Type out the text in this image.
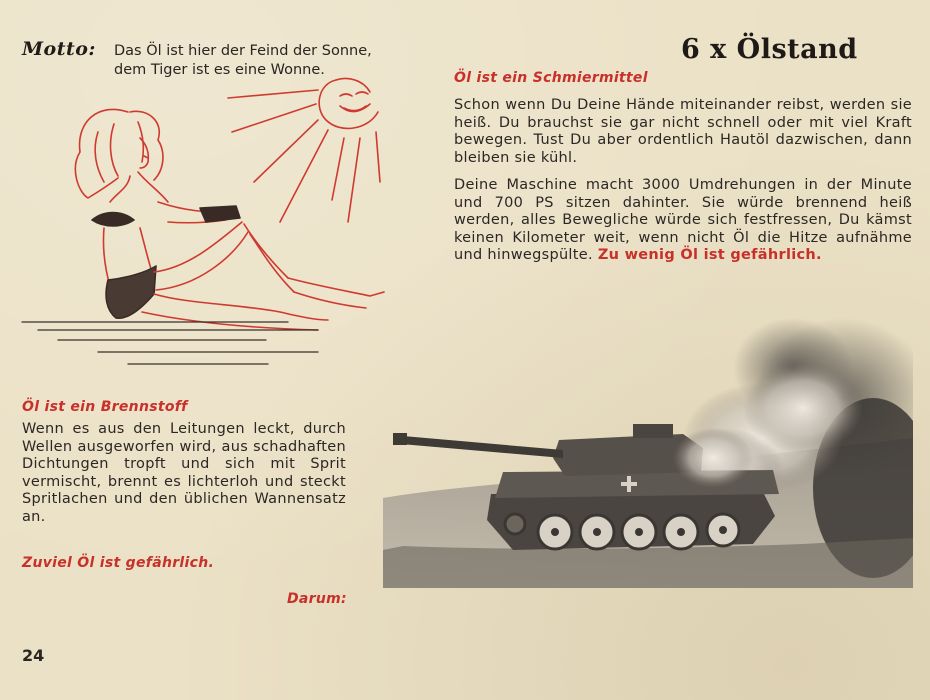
Motto: Das Öl ist hier der Feind der Sonne,
dem Tiger ist es eine Wonne.
6 x Ölstand
Öl ist ein Schmiermittel
Schon wenn Du Deine Hände miteinander reibst, werden sie heiß. Du brauchst sie gar nicht schnell oder mit viel Kraft bewegen. Tust Du aber ordentlich Hautöl dazwischen, dann bleiben sie kühl.
Deine Maschine macht 3000 Umdrehungen in der Minute und 700 PS sitzen dahinter. Sie würde brennend heiß werden, alles Bewegliche würde sich festfressen, Du kämst keinen Kilometer weit, wenn nicht Öl die Hitze aufnähme und hinwegspülte. Zu wenig Öl ist gefährlich.
Öl ist ein Brennstoff
Wenn es aus den Leitungen leckt, durch Wellen ausgeworfen wird, aus schadhaften Dichtungen tropft und sich mit Sprit vermischt, brennt es lichterloh und steckt Spritlachen und den üblichen Wannensatz an.
Zuviel Öl ist gefährlich.
Darum:
24
